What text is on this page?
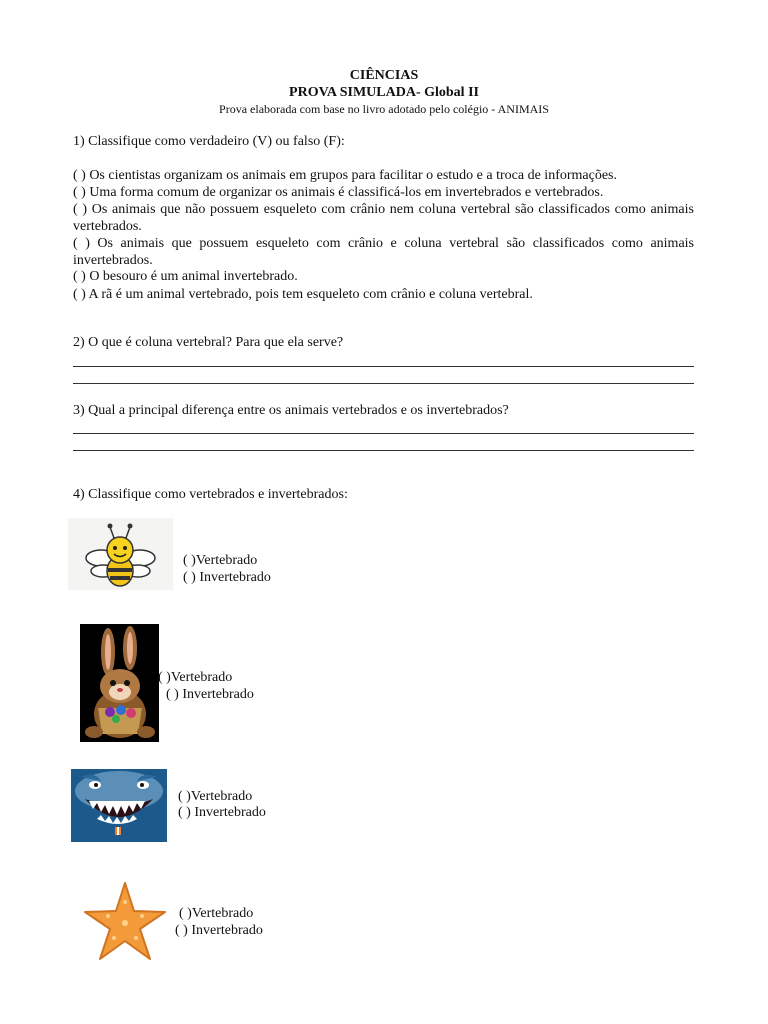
CIÊNCIAS
PROVA SIMULADA- Global II
Prova elaborada com base no livro adotado pelo colégio - ANIMAIS
1) Classifique como verdadeiro (V) ou falso (F):
( ) Os cientistas organizam os animais em grupos para facilitar o estudo e a troca de informações.
( ) Uma forma comum de organizar os animais é classificá-los em invertebrados e vertebrados.
( ) Os animais que não possuem esqueleto com crânio nem coluna vertebral são classificados como animais vertebrados.
( ) Os animais que possuem esqueleto com crânio e coluna vertebral são classificados como animais invertebrados.
( ) O besouro é um animal invertebrado.
( ) A rã é um animal vertebrado, pois tem esqueleto com crânio e coluna vertebral.
2) O que é coluna vertebral? Para que ela serve?
3) Qual a principal diferença entre os animais vertebrados e os invertebrados?
4) Classifique como vertebrados e invertebrados:
( )Vertebrado
( ) Invertebrado
( )Vertebrado
( ) Invertebrado
( )Vertebrado
( ) Invertebrado
( )Vertebrado
( ) Invertebrado
